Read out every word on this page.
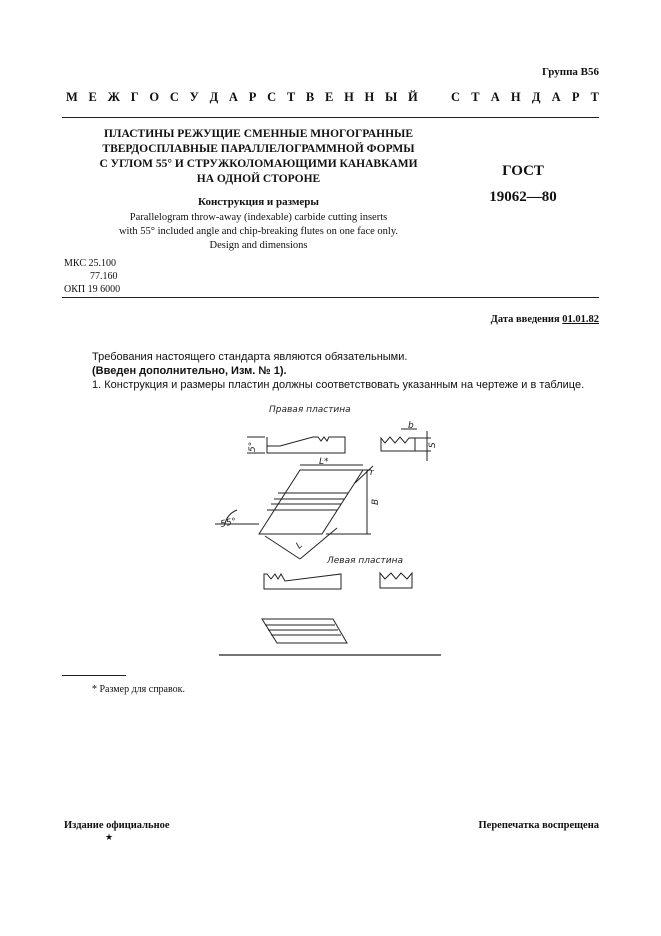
Группа В56
М Е Ж Г О С У Д А Р С Т В Е Н Н Ы Й	С Т А Н Д А Р Т
ПЛАСТИНЫ РЕЖУЩИЕ СМЕННЫЕ МНОГОГРАННЫЕ
ТВЕРДОСПЛАВНЫЕ ПАРАЛЛЕЛОГРАММНОЙ ФОРМЫ
С УГЛОМ 55° И СТРУЖКОЛОМАЮЩИМИ КАНАВКАМИ
НА ОДНОЙ СТОРОНЕ
Конструкция и размеры
Parallelogram throw-away (indexable) carbide cutting inserts
with 55° included angle and chip-breaking flutes on one face only.
Design and dimensions
ГОСТ
19062—80
МКС 25.100
77.160
ОКП 19 6000
Дата введения 01.01.82
Требования настоящего стандарта являются обязательными.
(Введен дополнительно, Изм. № 1).
1. Конструкция и размеры пластин должны соответствовать указанным на чертеже и в таблице.
Правая пластина
Левая пластина
5°
b
S
L*
r
B
55°
L
* Размер для справок.
Издание официальное
★
Перепечатка воспрещена
